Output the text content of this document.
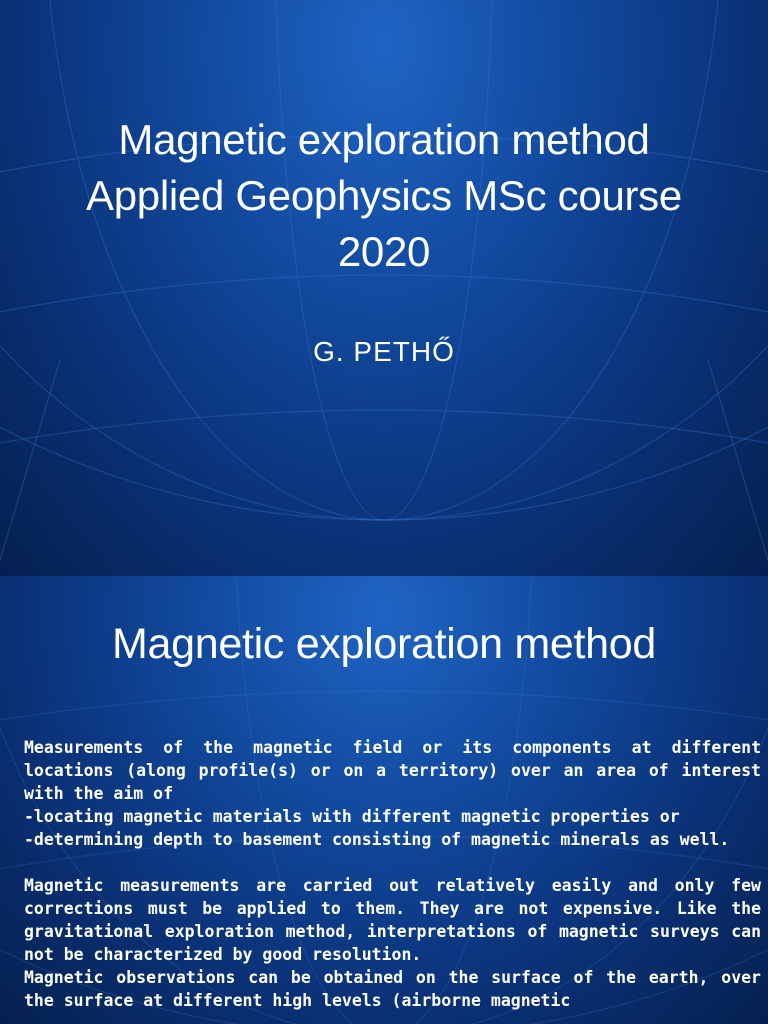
Magnetic exploration method
Applied Geophysics MSc course
2020
G. PETHŐ
Magnetic exploration method

Measurements of the magnetic field or its components at different locations (along profile(s) or on a territory) over an area of interest with the aim of

-locating magnetic materials with different magnetic properties or

-determining depth to basement consisting of magnetic minerals as well.

Magnetic measurements are carried out relatively easily and only few corrections must be applied to them. They are not expensive. Like the gravitational exploration method, interpretations of magnetic surveys can not be characterized by good resolution.

Magnetic observations can be obtained on the surface of the earth, over the surface at different high levels (airborne magnetic
